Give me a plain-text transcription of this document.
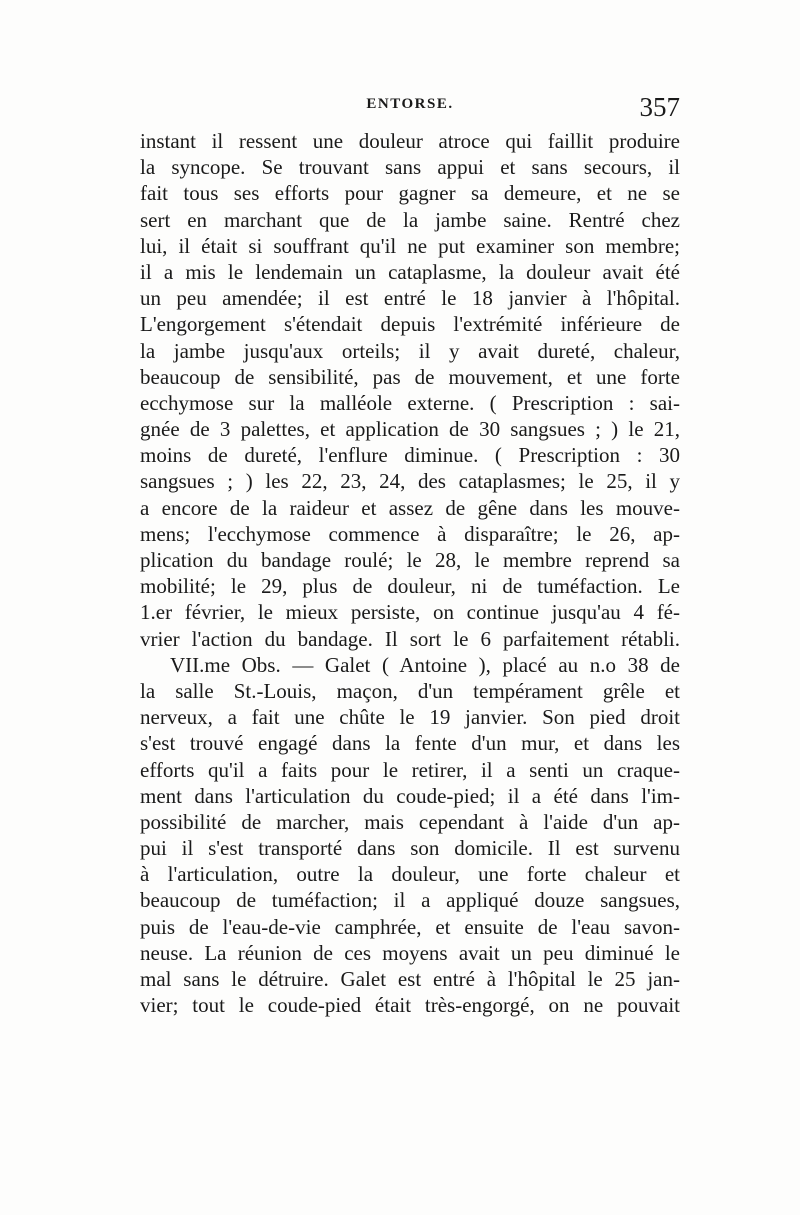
ENTORSE.	357
instant il ressent une douleur atroce qui faillit produire
la syncope. Se trouvant sans appui et sans secours, il
fait tous ses efforts pour gagner sa demeure, et ne se
sert en marchant que de la jambe saine. Rentré chez
lui, il était si souffrant qu'il ne put examiner son membre;
il a mis le lendemain un cataplasme, la douleur avait été
un peu amendée; il est entré le 18 janvier à l'hôpital.
L'engorgement s'étendait depuis l'extrémité inférieure de
la jambe jusqu'aux orteils; il y avait dureté, chaleur,
beaucoup de sensibilité, pas de mouvement, et une forte
ecchymose sur la malléole externe. ( Prescription : sai-
gnée de 3 palettes, et application de 30 sangsues ; ) le 21,
moins de dureté, l'enflure diminue. ( Prescription : 30
sangsues ; ) les 22, 23, 24, des cataplasmes; le 25, il y
a encore de la raideur et assez de gêne dans les mouve-
mens; l'ecchymose commence à disparaître; le 26, ap-
plication du bandage roulé; le 28, le membre reprend sa
mobilité; le 29, plus de douleur, ni de tuméfaction. Le
1.er février, le mieux persiste, on continue jusqu'au 4 fé-
vrier l'action du bandage. Il sort le 6 parfaitement rétabli.
VII.me Obs. — Galet ( Antoine ), placé au n.o 38 de
la salle St.-Louis, maçon, d'un tempérament grêle et
nerveux, a fait une chûte le 19 janvier. Son pied droit
s'est trouvé engagé dans la fente d'un mur, et dans les
efforts qu'il a faits pour le retirer, il a senti un craque-
ment dans l'articulation du coude-pied; il a été dans l'im-
possibilité de marcher, mais cependant à l'aide d'un ap-
pui il s'est transporté dans son domicile. Il est survenu
à l'articulation, outre la douleur, une forte chaleur et
beaucoup de tuméfaction; il a appliqué douze sangsues,
puis de l'eau-de-vie camphrée, et ensuite de l'eau savon-
neuse. La réunion de ces moyens avait un peu diminué le
mal sans le détruire. Galet est entré à l'hôpital le 25 jan-
vier; tout le coude-pied était très-engorgé, on ne pouvait
